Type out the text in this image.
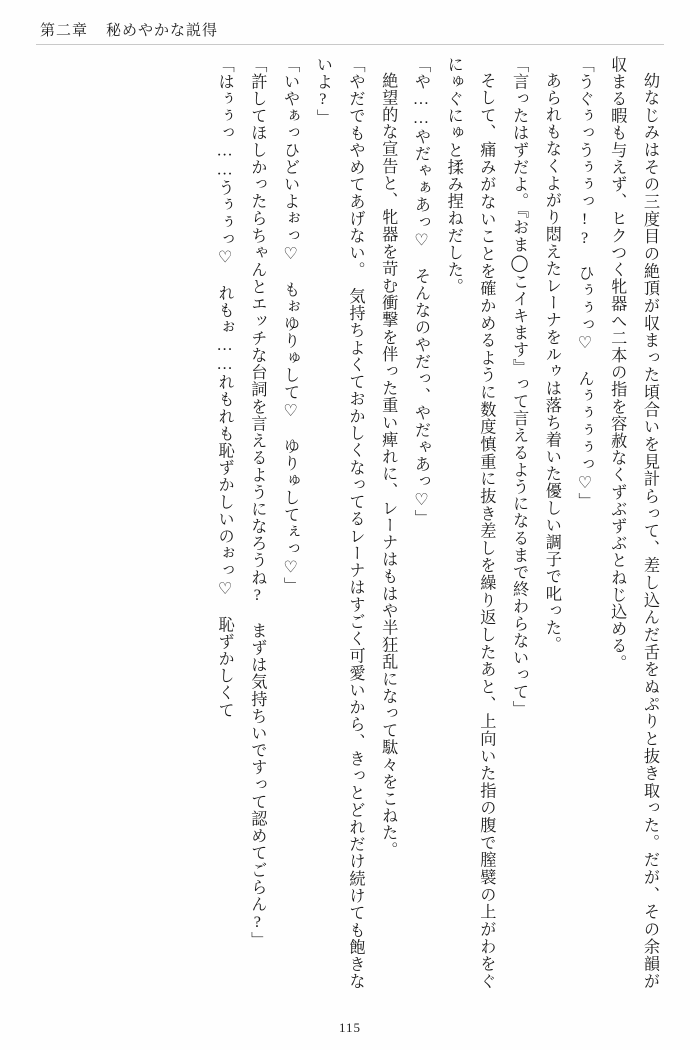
第二章 秘めやかな説得

幼なじみはその三度目の絶頂が収まった頃合いを見計らって、差し込んだ舌をぬぷりと抜き取った。だが、その余韻が収まる暇も与えず、ヒクつく牝器へ二本の指を容赦なくずぶずぶとねじ込める。

「うぐぅっうぅぅっ!?　ひぅぅっ♡　んぅぅぅぅっ♡」

あられもなくよがり悶えたレーナをルゥは落ち着いた優しい調子で叱った。

「言ったはずだよ。『おま◯こイキます』って言えるようになるまで終わらないって」

そして、痛みがないことを確かめるように数度慎重に抜き差しを繰り返したあと、上向いた指の腹で膣襞の上がわをぐにゅぐにゅと揉み捏ねだした。

「や……やだゃぁあっ♡　そんなのやだっ、やだゃあっ♡」

絶望的な宣告と、牝器を苛む衝撃を伴った重い痺れに、レーナはもはや半狂乱になって駄々をこねた。

「やだでもやめてあげない。　気持ちよくておかしくなってるレーナはすごく可愛いから、きっとどれだけ続けても飽きないよ?」

「いやぁっひどいよぉっ♡　もぉゆりゅして♡　ゆりゅしてぇっ♡」

「許してほしかったらちゃんとエッチな台詞を言えるようになろうね?　まずは気持ちいですって認めてごらん?」

「はぅぅっ……うぅぅっ♡　れもぉ……れもれも恥ずかしいのぉっ♡　恥ずかしくて

115
